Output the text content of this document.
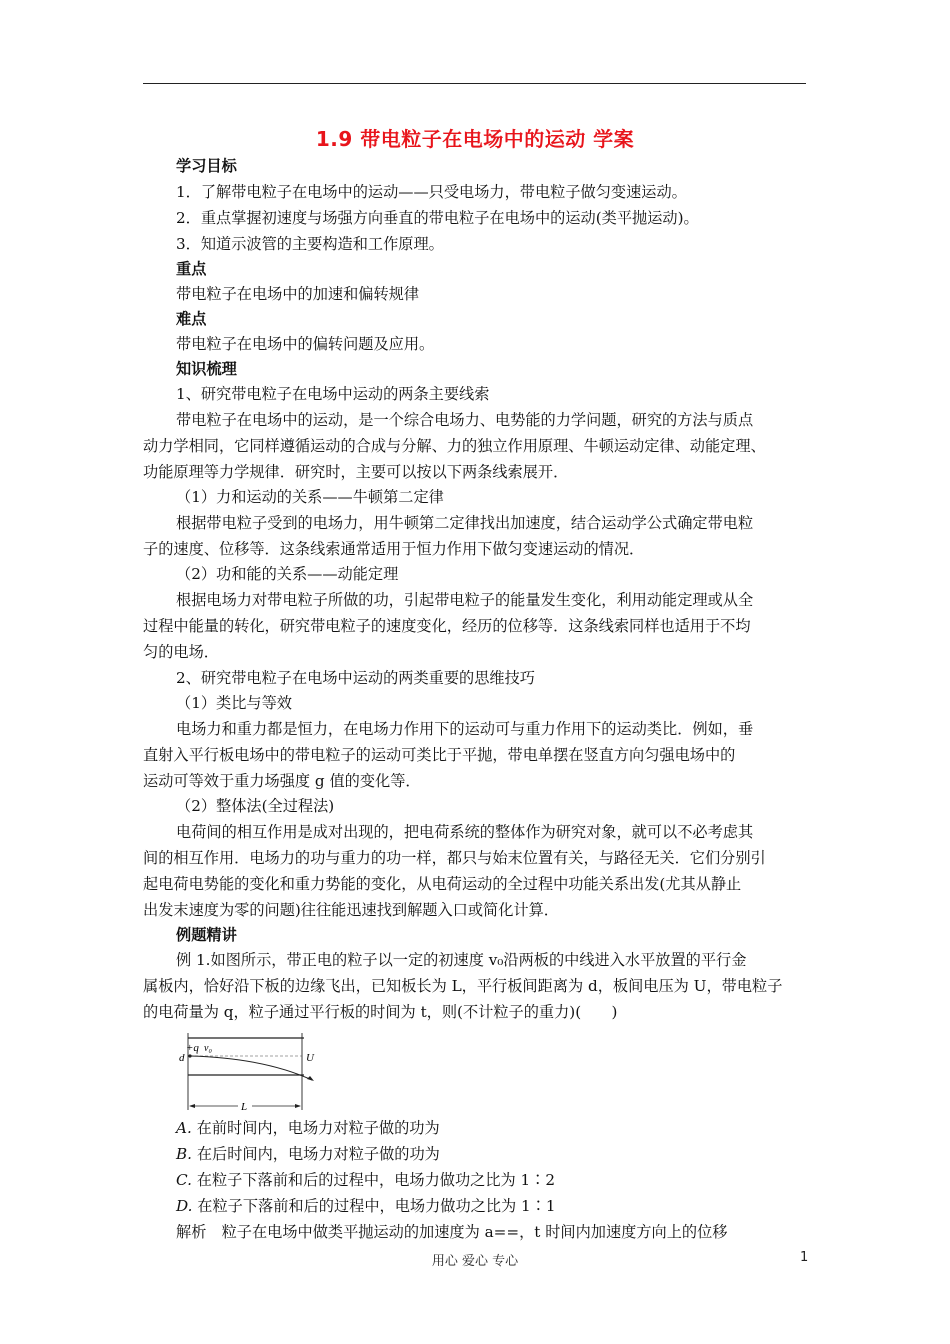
1.9 带电粒子在电场中的运动 学案
学习目标
1．了解带电粒子在电场中的运动——只受电场力，带电粒子做匀变速运动。
2．重点掌握初速度与场强方向垂直的带电粒子在电场中的运动(类平抛运动)。
3．知道示波管的主要构造和工作原理。
重点
带电粒子在电场中的加速和偏转规律
难点
带电粒子在电场中的偏转问题及应用。
知识梳理
1、研究带电粒子在电场中运动的两条主要线索
带电粒子在电场中的运动，是一个综合电场力、电势能的力学问题，研究的方法与质点
动力学相同，它同样遵循运动的合成与分解、力的独立作用原理、牛顿运动定律、动能定理、
功能原理等力学规律．研究时，主要可以按以下两条线索展开．
（1）力和运动的关系——牛顿第二定律
根据带电粒子受到的电场力，用牛顿第二定律找出加速度，结合运动学公式确定带电粒
子的速度、位移等．这条线索通常适用于恒力作用下做匀变速运动的情况．
（2）功和能的关系——动能定理
根据电场力对带电粒子所做的功，引起带电粒子的能量发生变化，利用动能定理或从全
过程中能量的转化，研究带电粒子的速度变化，经历的位移等．这条线索同样也适用于不均
匀的电场．
2、研究带电粒子在电场中运动的两类重要的思维技巧
（1）类比与等效
电场力和重力都是恒力，在电场力作用下的运动可与重力作用下的运动类比．例如，垂
直射入平行板电场中的带电粒子的运动可类比于平抛，带电单摆在竖直方向匀强电场中的
运动可等效于重力场强度 g 值的变化等．
（2）整体法(全过程法)
电荷间的相互作用是成对出现的，把电荷系统的整体作为研究对象，就可以不必考虑其
间的相互作用．电场力的功与重力的功一样，都只与始末位置有关，与路径无关．它们分别引
起电荷电势能的变化和重力势能的变化，从电荷运动的全过程中功能关系出发(尤其从静止
出发末速度为零的问题)往往能迅速找到解题入口或简化计算．
例题精讲
例 1.如图所示，带正电的粒子以一定的初速度 v₀沿两板的中线进入水平放置的平行金
属板内，恰好沿下板的边缘飞出，已知板长为 L，平行板间距离为 d，板间电压为 U，带电粒子
的电荷量为 q，粒子通过平行板的时间为 t，则(不计粒子的重力)(　　)
+q v₀
d	U
L
A. 在前时间内，电场力对粒子做的功为
B. 在后时间内，电场力对粒子做的功为
C. 在粒子下落前和后的过程中，电场力做功之比为 1∶2
D. 在粒子下落前和后的过程中，电场力做功之比为 1∶1
解析　粒子在电场中做类平抛运动的加速度为 a==，t 时间内加速度方向上的位移
用心 爱心 专心	1
